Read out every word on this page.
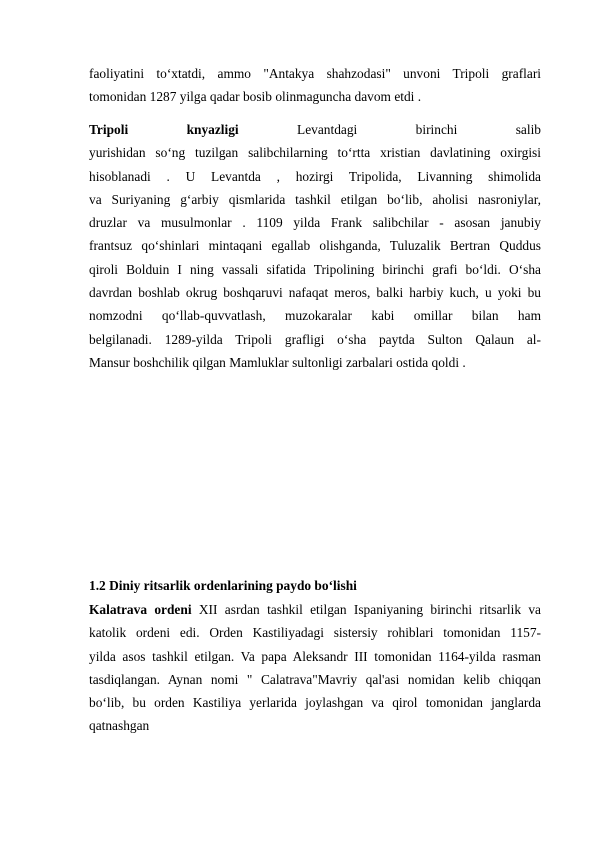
faoliyatini to‘xtatdi, ammo "Antakya shahzodasi" unvoni Tripoli graflari
tomonidan 1287 yilga qadar bosib olinmaguncha davom etdi .
Tripoli knyazligi	Levantdagi birinchi salib
yurishidan so‘ng tuzilgan salibchilarning to‘rtta xristian davlatining oxirgisi
hisoblanadi . U Levantda , hozirgi Tripolida, Livanning shimolida
va Suriyaning g‘arbiy qismlarida tashkil etilgan bo‘lib, aholisi nasroniylar,
druzlar va musulmonlar . 1109 yilda Frank salibchilar - asosan janubiy
frantsuz qo‘shinlari mintaqani egallab olishganda, Tuluzalik Bertran Quddus
qiroli Bolduin I ning vassali sifatida Tripolining birinchi grafi bo‘ldi. O‘sha
davrdan boshlab okrug boshqaruvi nafaqat meros, balki harbiy kuch, u yoki bu
nomzodni qo‘llab-quvvatlash, muzokaralar kabi omillar bilan ham
belgilanadi. 1289-yilda Tripoli grafligi o‘sha paytda Sulton Qalaun al-
Mansur boshchilik qilgan Mamluklar sultonligi zarbalari ostida qoldi .
1.2 Diniy ritsarlik ordenlarining paydo bo‘lishi
Kalatrava ordeni XII asrdan tashkil etilgan Ispaniyaning birinchi ritsarlik va
katolik ordeni edi. Orden Kastiliyadagi sistersiy rohiblari tomonidan 1157-
yilda asos tashkil etilgan. Va papa Aleksandr III tomonidan 1164-yilda rasman
tasdiqlangan. Aynan nomi " Calatrava"Mavriy qal'asi nomidan kelib chiqqan
bo‘lib, bu orden Kastiliya yerlarida joylashgan va qirol tomonidan janglarda
qatnashgan
